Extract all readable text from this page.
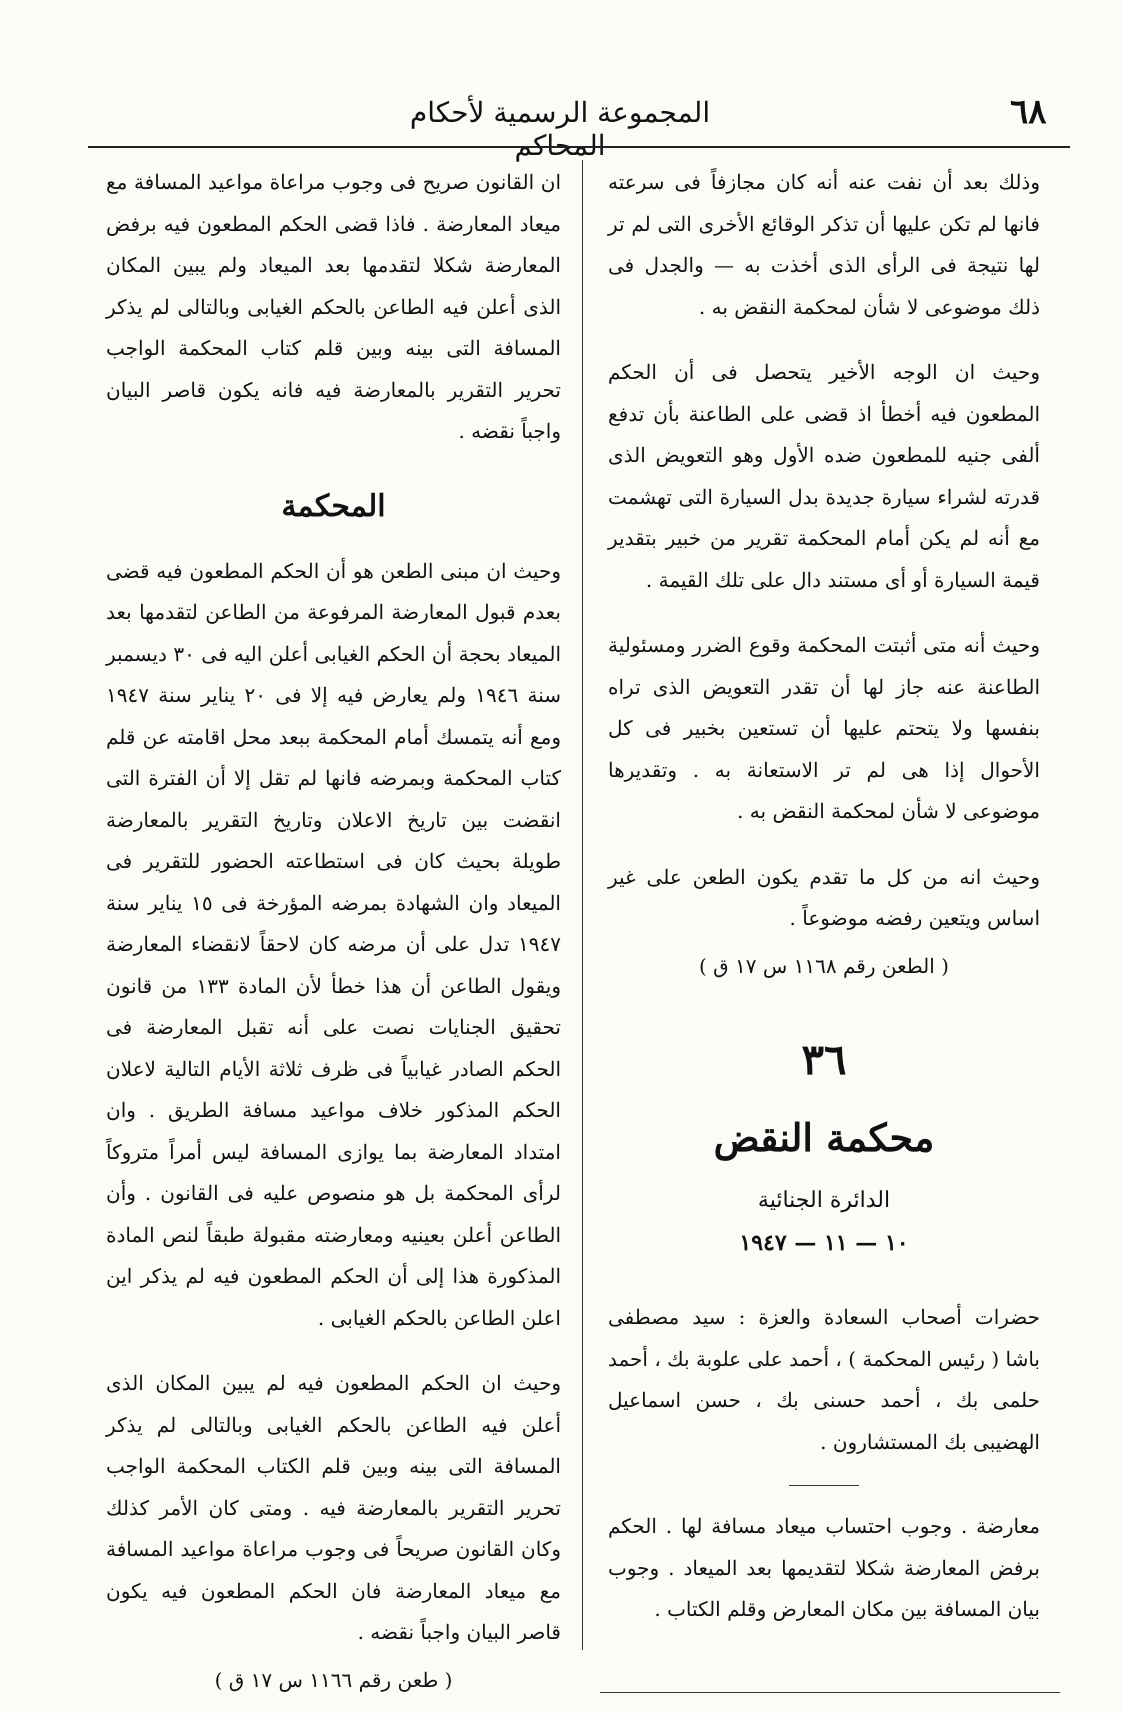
٦٨
المجموعة الرسمية لأحكام المحاكم

وذلك بعد أن نفت عنه أنه كان مجازفاً فى سرعته فانها لم تكن عليها أن تذكر الوقائع الأخرى التى لم تر لها نتيجة فى الرأى الذى أخذت به — والجدل فى ذلك موضوعى لا شأن لمحكمة النقض به .

وحيث ان الوجه الأخير يتحصل فى أن الحكم المطعون فيه أخطأ اذ قضى على الطاعنة بأن تدفع ألفى جنيه للمطعون ضده الأول وهو التعويض الذى قدرته لشراء سيارة جديدة بدل السيارة التى تهشمت مع أنه لم يكن أمام المحكمة تقرير من خبير بتقدير قيمة السيارة أو أى مستند دال على تلك القيمة .

وحيث أنه متى أثبتت المحكمة وقوع الضرر ومسئولية الطاعنة عنه جاز لها أن تقدر التعويض الذى تراه بنفسها ولا يتحتم عليها أن تستعين بخبير فى كل الأحوال إذا هى لم تر الاستعانة به . وتقديرها موضوعى لا شأن لمحكمة النقض به .

وحيث انه من كل ما تقدم يكون الطعن على غير اساس ويتعين رفضه موضوعاً .

( الطعن رقم ١١٦٨ س ١٧ ق )
٣٦
محكمة النقض
الدائرة الجنائية
١٠ — ١١ — ١٩٤٧

حضرات أصحاب السعادة والعزة : سيد مصطفى باشا ( رئيس المحكمة ) ، أحمد على علوبة بك ، أحمد حلمى بك ، أحمد حسنى بك ، حسن اسماعيل الهضيبى بك المستشارون .

معارضة . وجوب احتساب ميعاد مسافة لها . الحكم برفض المعارضة شكلا لتقديمها بعد الميعاد . وجوب بيان المسافة بين مكان المعارض وقلم الكتاب .

ان القانون صريح فى وجوب مراعاة مواعيد المسافة مع ميعاد المعارضة . فاذا قضى الحكم المطعون فيه برفض المعارضة شكلا لتقدمها بعد الميعاد ولم يبين المكان الذى أعلن فيه الطاعن بالحكم الغيابى وبالتالى لم يذكر المسافة التى بينه وبين قلم كتاب المحكمة الواجب تحرير التقرير بالمعارضة فيه فانه يكون قاصر البيان واجباً نقضه .

المحكمة

وحيث ان مبنى الطعن هو أن الحكم المطعون فيه قضى بعدم قبول المعارضة المرفوعة من الطاعن لتقدمها بعد الميعاد بحجة أن الحكم الغيابى أعلن اليه فى ٣٠ ديسمبر سنة ١٩٤٦ ولم يعارض فيه إلا فى ٢٠ يناير سنة ١٩٤٧ ومع أنه يتمسك أمام المحكمة ببعد محل اقامته عن قلم كتاب المحكمة وبمرضه فانها لم تقل إلا أن الفترة التى انقضت بين تاريخ الاعلان وتاريخ التقرير بالمعارضة طويلة بحيث كان فى استطاعته الحضور للتقرير فى الميعاد وان الشهادة بمرضه المؤرخة فى ١٥ يناير سنة ١٩٤٧ تدل على أن مرضه كان لاحقاً لانقضاء المعارضة ويقول الطاعن أن هذا خطأ لأن المادة ١٣٣ من قانون تحقيق الجنايات نصت على أنه تقبل المعارضة فى الحكم الصادر غيابياً فى ظرف ثلاثة الأيام التالية لاعلان الحكم المذكور خلاف مواعيد مسافة الطريق . وان امتداد المعارضة بما يوازى المسافة ليس أمراً متروكاً لرأى المحكمة بل هو منصوص عليه فى القانون . وأن الطاعن أعلن بعينيه ومعارضته مقبولة طبقاً لنص المادة المذكورة هذا إلى أن الحكم المطعون فيه لم يذكر اين اعلن الطاعن بالحكم الغيابى .

وحيث ان الحكم المطعون فيه لم يبين المكان الذى أعلن فيه الطاعن بالحكم الغيابى وبالتالى لم يذكر المسافة التى بينه وبين قلم الكتاب المحكمة الواجب تحرير التقرير بالمعارضة فيه . ومتى كان الأمر كذلك وكان القانون صريحاً فى وجوب مراعاة مواعيد المسافة مع ميعاد المعارضة فان الحكم المطعون فيه يكون قاصر البيان واجباً نقضه .

( طعن رقم ١١٦٦ س ١٧ ق )
